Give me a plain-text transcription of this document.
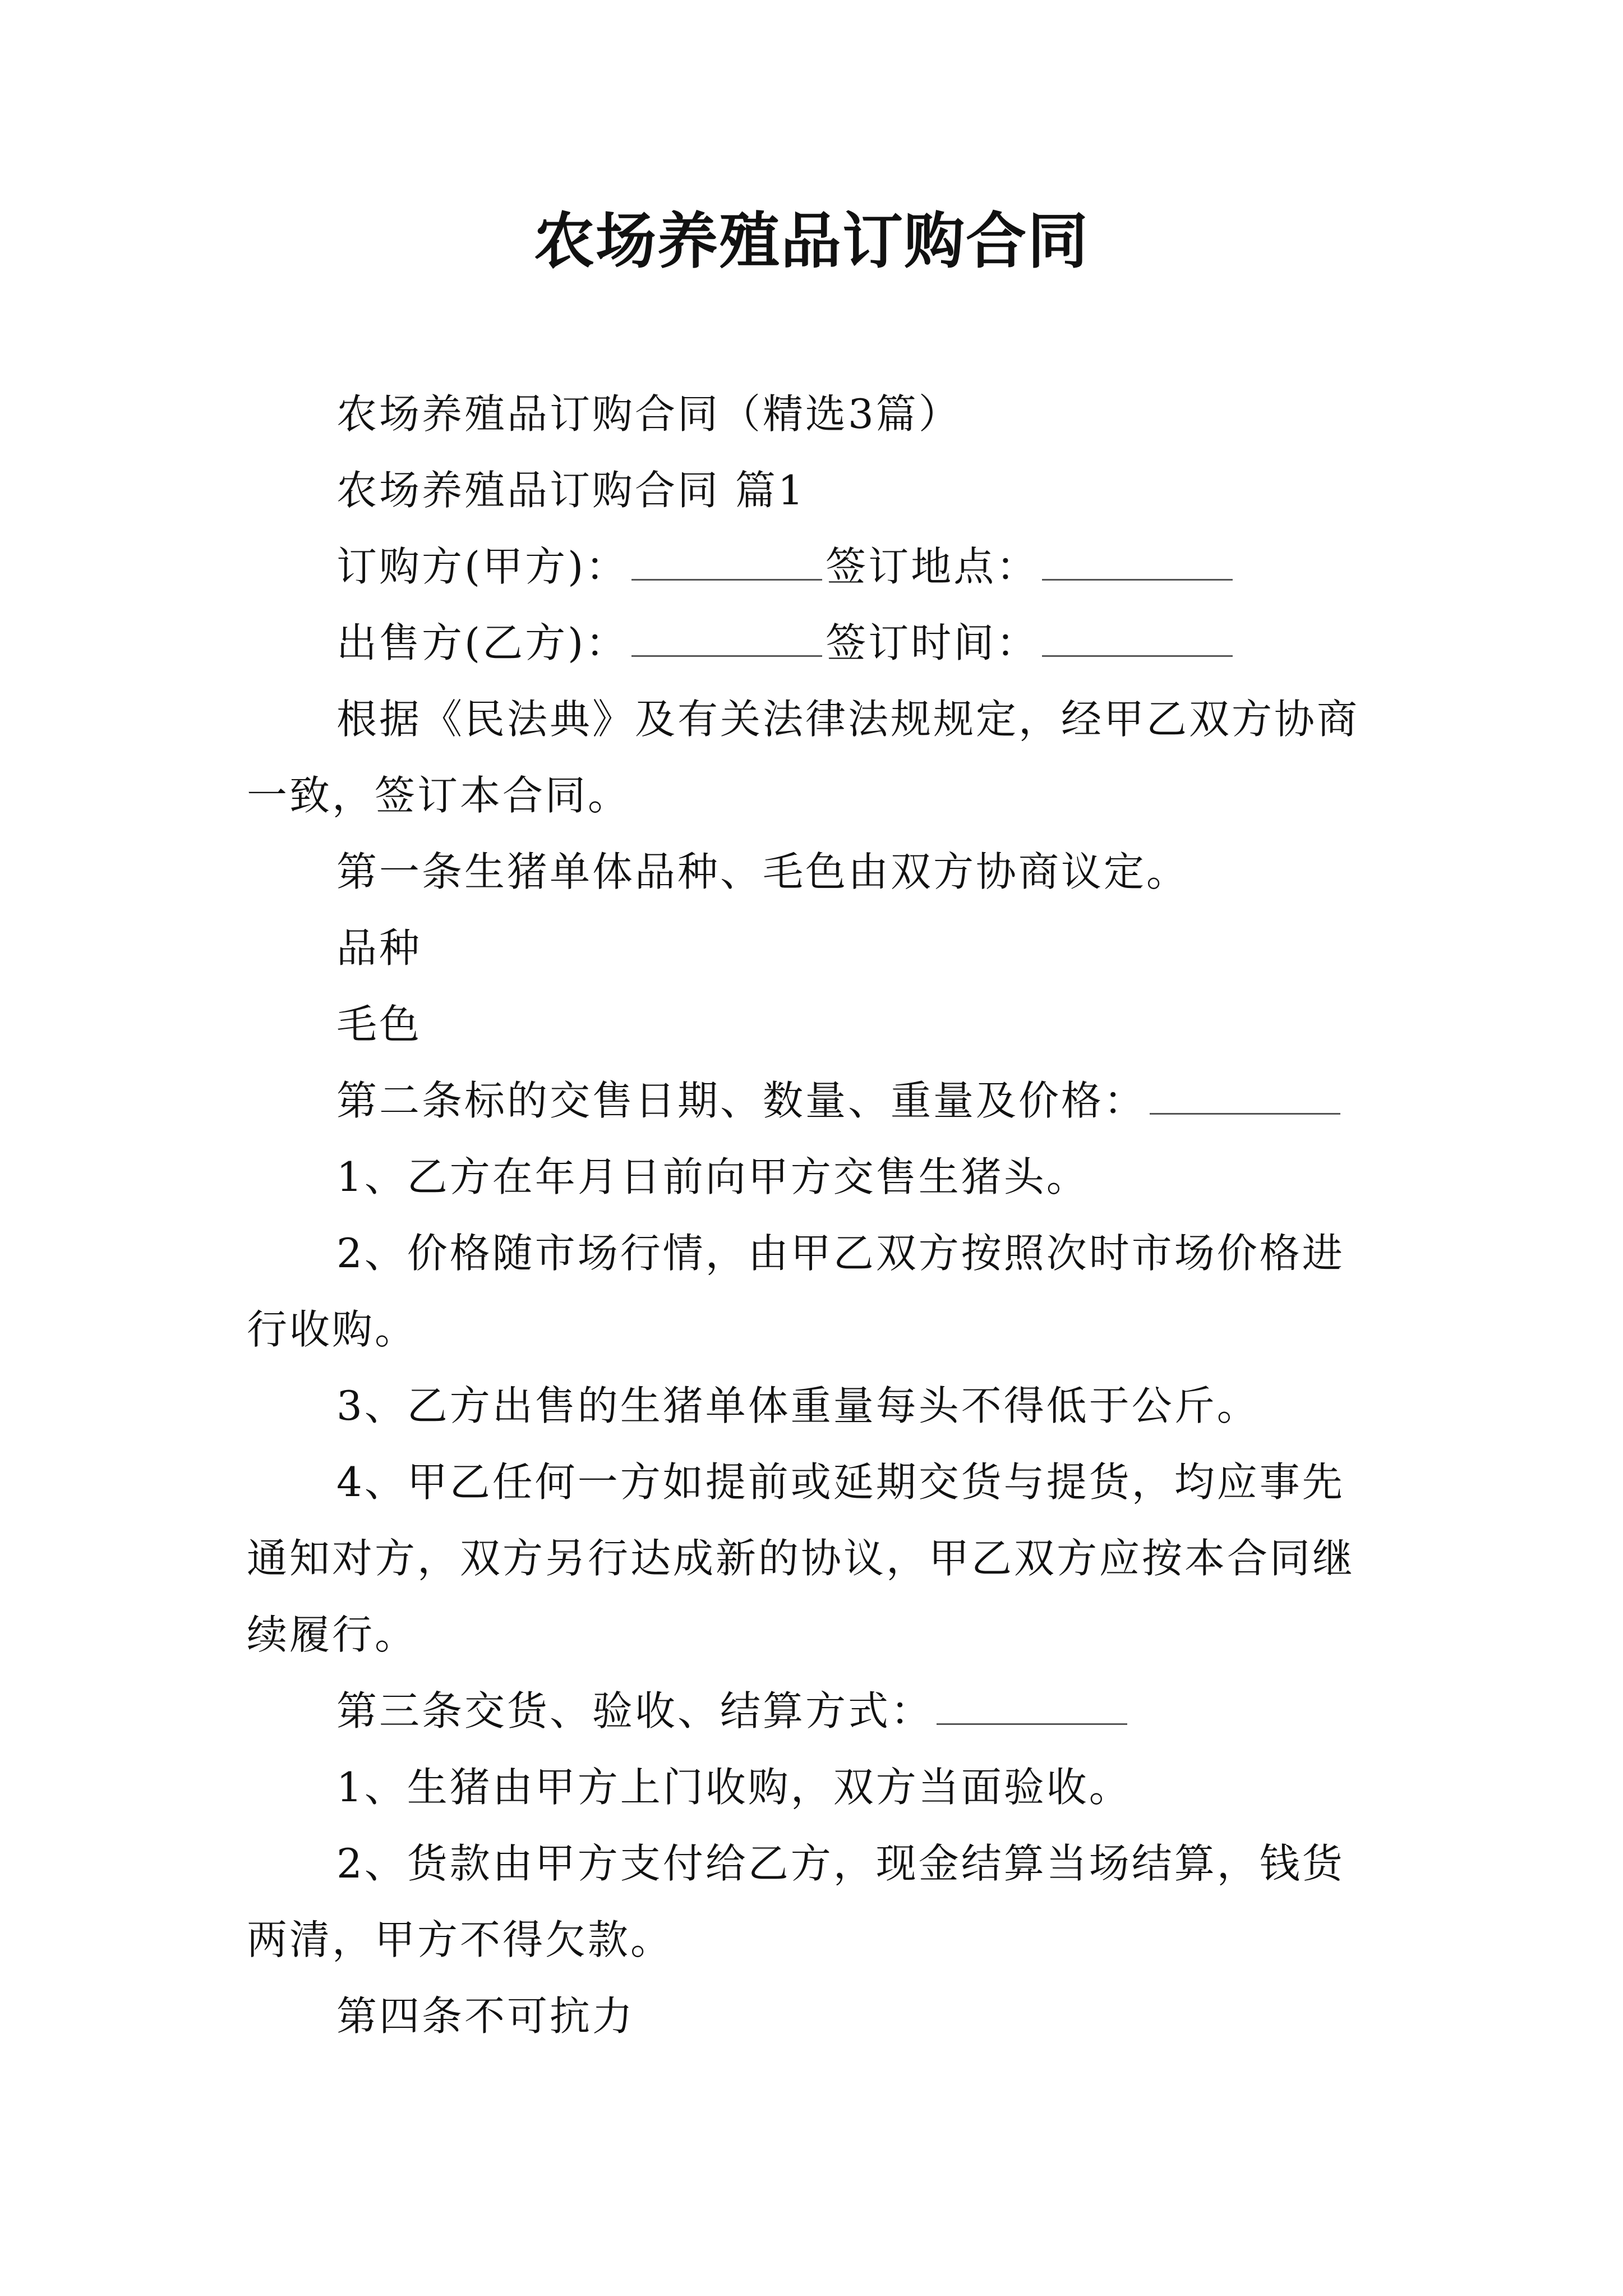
农场养殖品订购合同

农场养殖品订购合同（精选3篇）

农场养殖品订购合同 篇1

订购方(甲方)：	签订地点：

出售方(乙方)：	签订时间：

根据《民法典》及有关法律法规规定，经甲乙双方协商一致，签订本合同。

第一条生猪单体品种、毛色由双方协商议定。

品种

毛色

第二条标的交售日期、数量、重量及价格：

1、乙方在年月日前向甲方交售生猪头。

2、价格随市场行情，由甲乙双方按照次时市场价格进行收购。

3、乙方出售的生猪单体重量每头不得低于公斤。

4、甲乙任何一方如提前或延期交货与提货，均应事先通知对方，双方另行达成新的协议，甲乙双方应按本合同继续履行。

第三条交货、验收、结算方式：

1、生猪由甲方上门收购，双方当面验收。

2、货款由甲方支付给乙方，现金结算当场结算，钱货两清，甲方不得欠款。

第四条不可抗力
